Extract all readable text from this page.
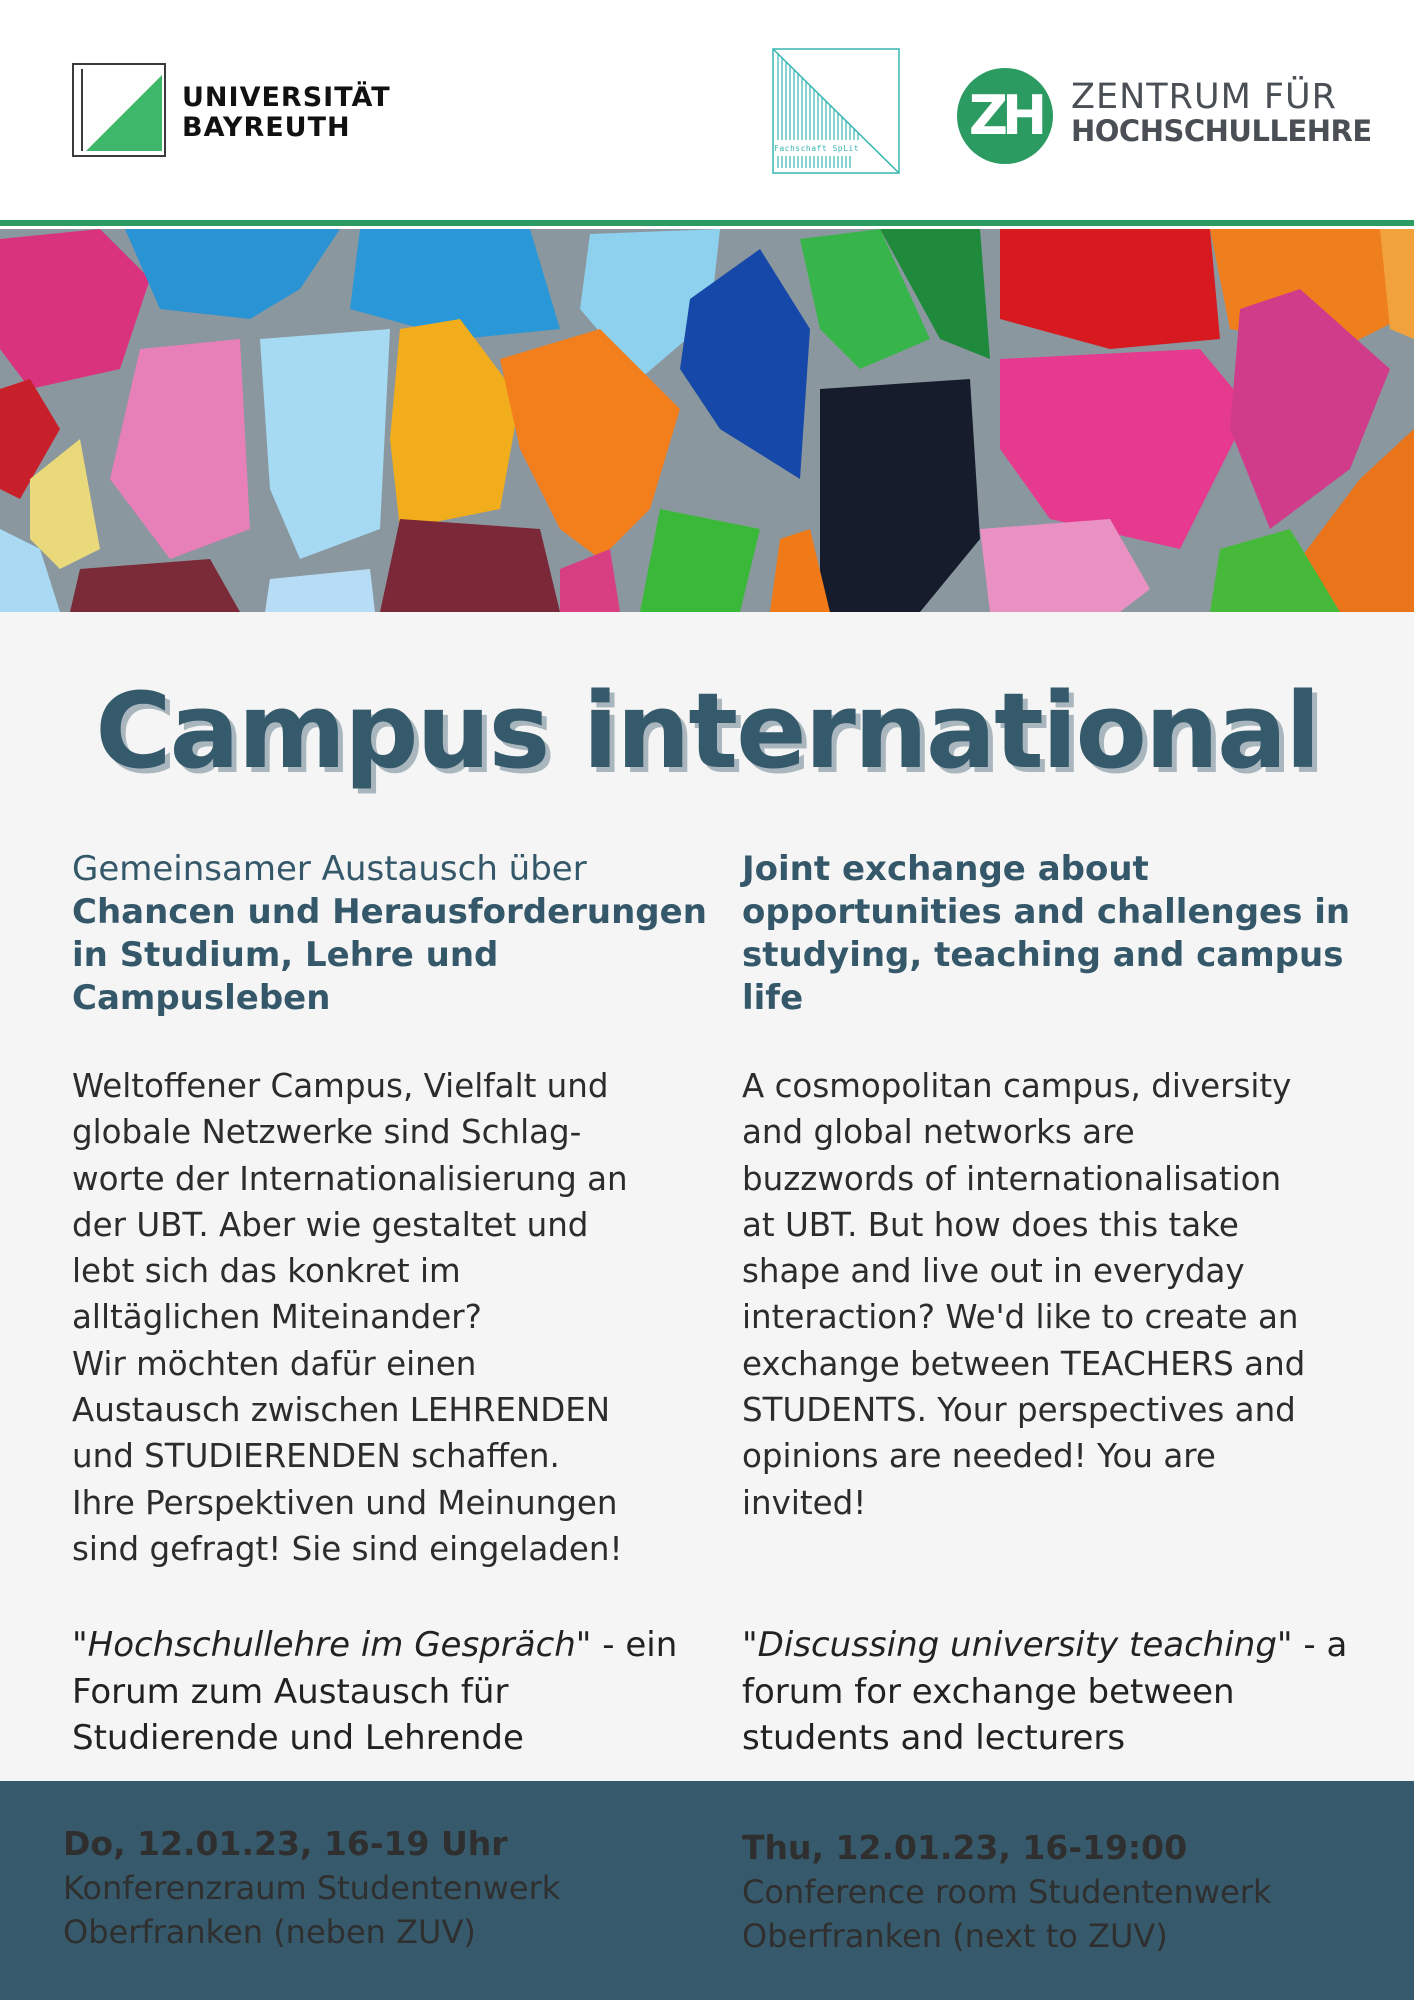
UNIVERSITÄT
BAYREUTH
Fachschaft SpLit
ZH ZENTRUM FÜR
HOCHSCHULLEHRE
Campus international

Gemeinsamer Austausch über
Chancen und Herausforderungen in Studium, Lehre und Campusleben

Joint exchange about opportunities and challenges in studying, teaching and campus life

Weltoffener Campus, Vielfalt und
globale Netzwerke sind Schlag-
worte der Internationalisierung an
der UBT. Aber wie gestaltet und
lebt sich das konkret im
alltäglichen Miteinander?
Wir möchten dafür einen
Austausch zwischen LEHRENDEN
und STUDIERENDEN schaffen.
Ihre Perspektiven und Meinungen
sind gefragt! Sie sind eingeladen!

A cosmopolitan campus, diversity
and global networks are
buzzwords of internationalisation
at UBT. But how does this take
shape and live out in everyday
interaction? We'd like to create an
exchange between TEACHERS and
STUDENTS. Your perspectives and
opinions are needed! You are
invited!

"Hochschullehre im Gespräch" - ein Forum zum Austausch für Studierende und Lehrende

"Discussing university teaching" - a forum for exchange between students and lecturers

Do, 12.01.23, 16-19 Uhr

Konferenzraum Studentenwerk
Oberfranken (neben ZUV)

Thu, 12.01.23, 16-19:00

Conference room Studentenwerk
Oberfranken (next to ZUV)
